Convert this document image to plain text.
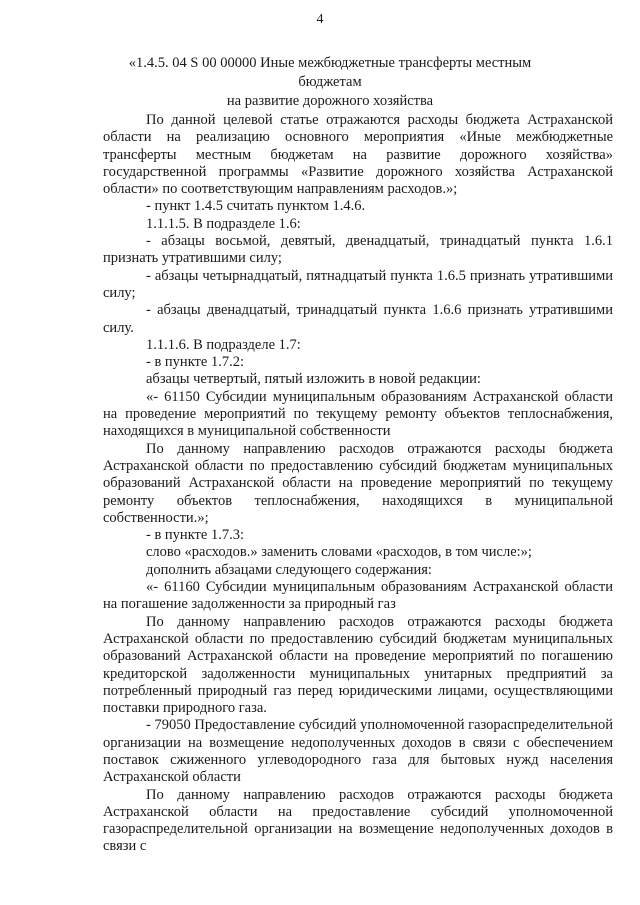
4
«1.4.5. 04 S 00 00000 Иные межбюджетные трансферты местным бюджетам
на развитие дорожного хозяйства

По данной целевой статье отражаются расходы бюджета Астраханской области на реализацию основного мероприятия «Иные межбюджетные трансферты местным бюджетам на развитие дорожного хозяйства» государственной программы «Развитие дорожного хозяйства Астраханской области» по соответствующим направлениям расходов.»;

- пункт 1.4.5 считать пунктом 1.4.6.

1.1.1.5. В подразделе 1.6:

- абзацы восьмой, девятый, двенадцатый, тринадцатый пункта 1.6.1 признать утратившими силу;

- абзацы четырнадцатый, пятнадцатый пункта 1.6.5 признать утратившими силу;

- абзацы двенадцатый, тринадцатый пункта 1.6.6 признать утратившими силу.

1.1.1.6. В подразделе 1.7:

- в пункте 1.7.2:

абзацы четвертый, пятый изложить в новой редакции:

«- 61150 Субсидии муниципальным образованиям Астраханской области на проведение мероприятий по текущему ремонту объектов теплоснабжения, находящихся в муниципальной собственности

По данному направлению расходов отражаются расходы бюджета Астраханской области по предоставлению субсидий бюджетам муниципальных образований Астраханской области на проведение мероприятий по текущему ремонту объектов теплоснабжения, находящихся в муниципальной собственности.»;

- в пункте 1.7.3:

слово «расходов.» заменить словами «расходов, в том числе:»;

дополнить абзацами следующего содержания:

«- 61160 Субсидии муниципальным образованиям Астраханской области на погашение задолженности за природный газ

По данному направлению расходов отражаются расходы бюджета Астраханской области по предоставлению субсидий бюджетам муниципальных образований Астраханской области на проведение мероприятий по погашению кредиторской задолженности муниципальных унитарных предприятий за потребленный природный газ перед юридическими лицами, осуществляющими поставки природного газа.

- 79050 Предоставление субсидий уполномоченной газораспределительной организации на возмещение недополученных доходов в связи с обеспечением поставок сжиженного углеводородного газа для бытовых нужд населения Астраханской области

По данному направлению расходов отражаются расходы бюджета Астраханской области на предоставление субсидий уполномоченной газораспределительной организации на возмещение недополученных доходов в связи с
